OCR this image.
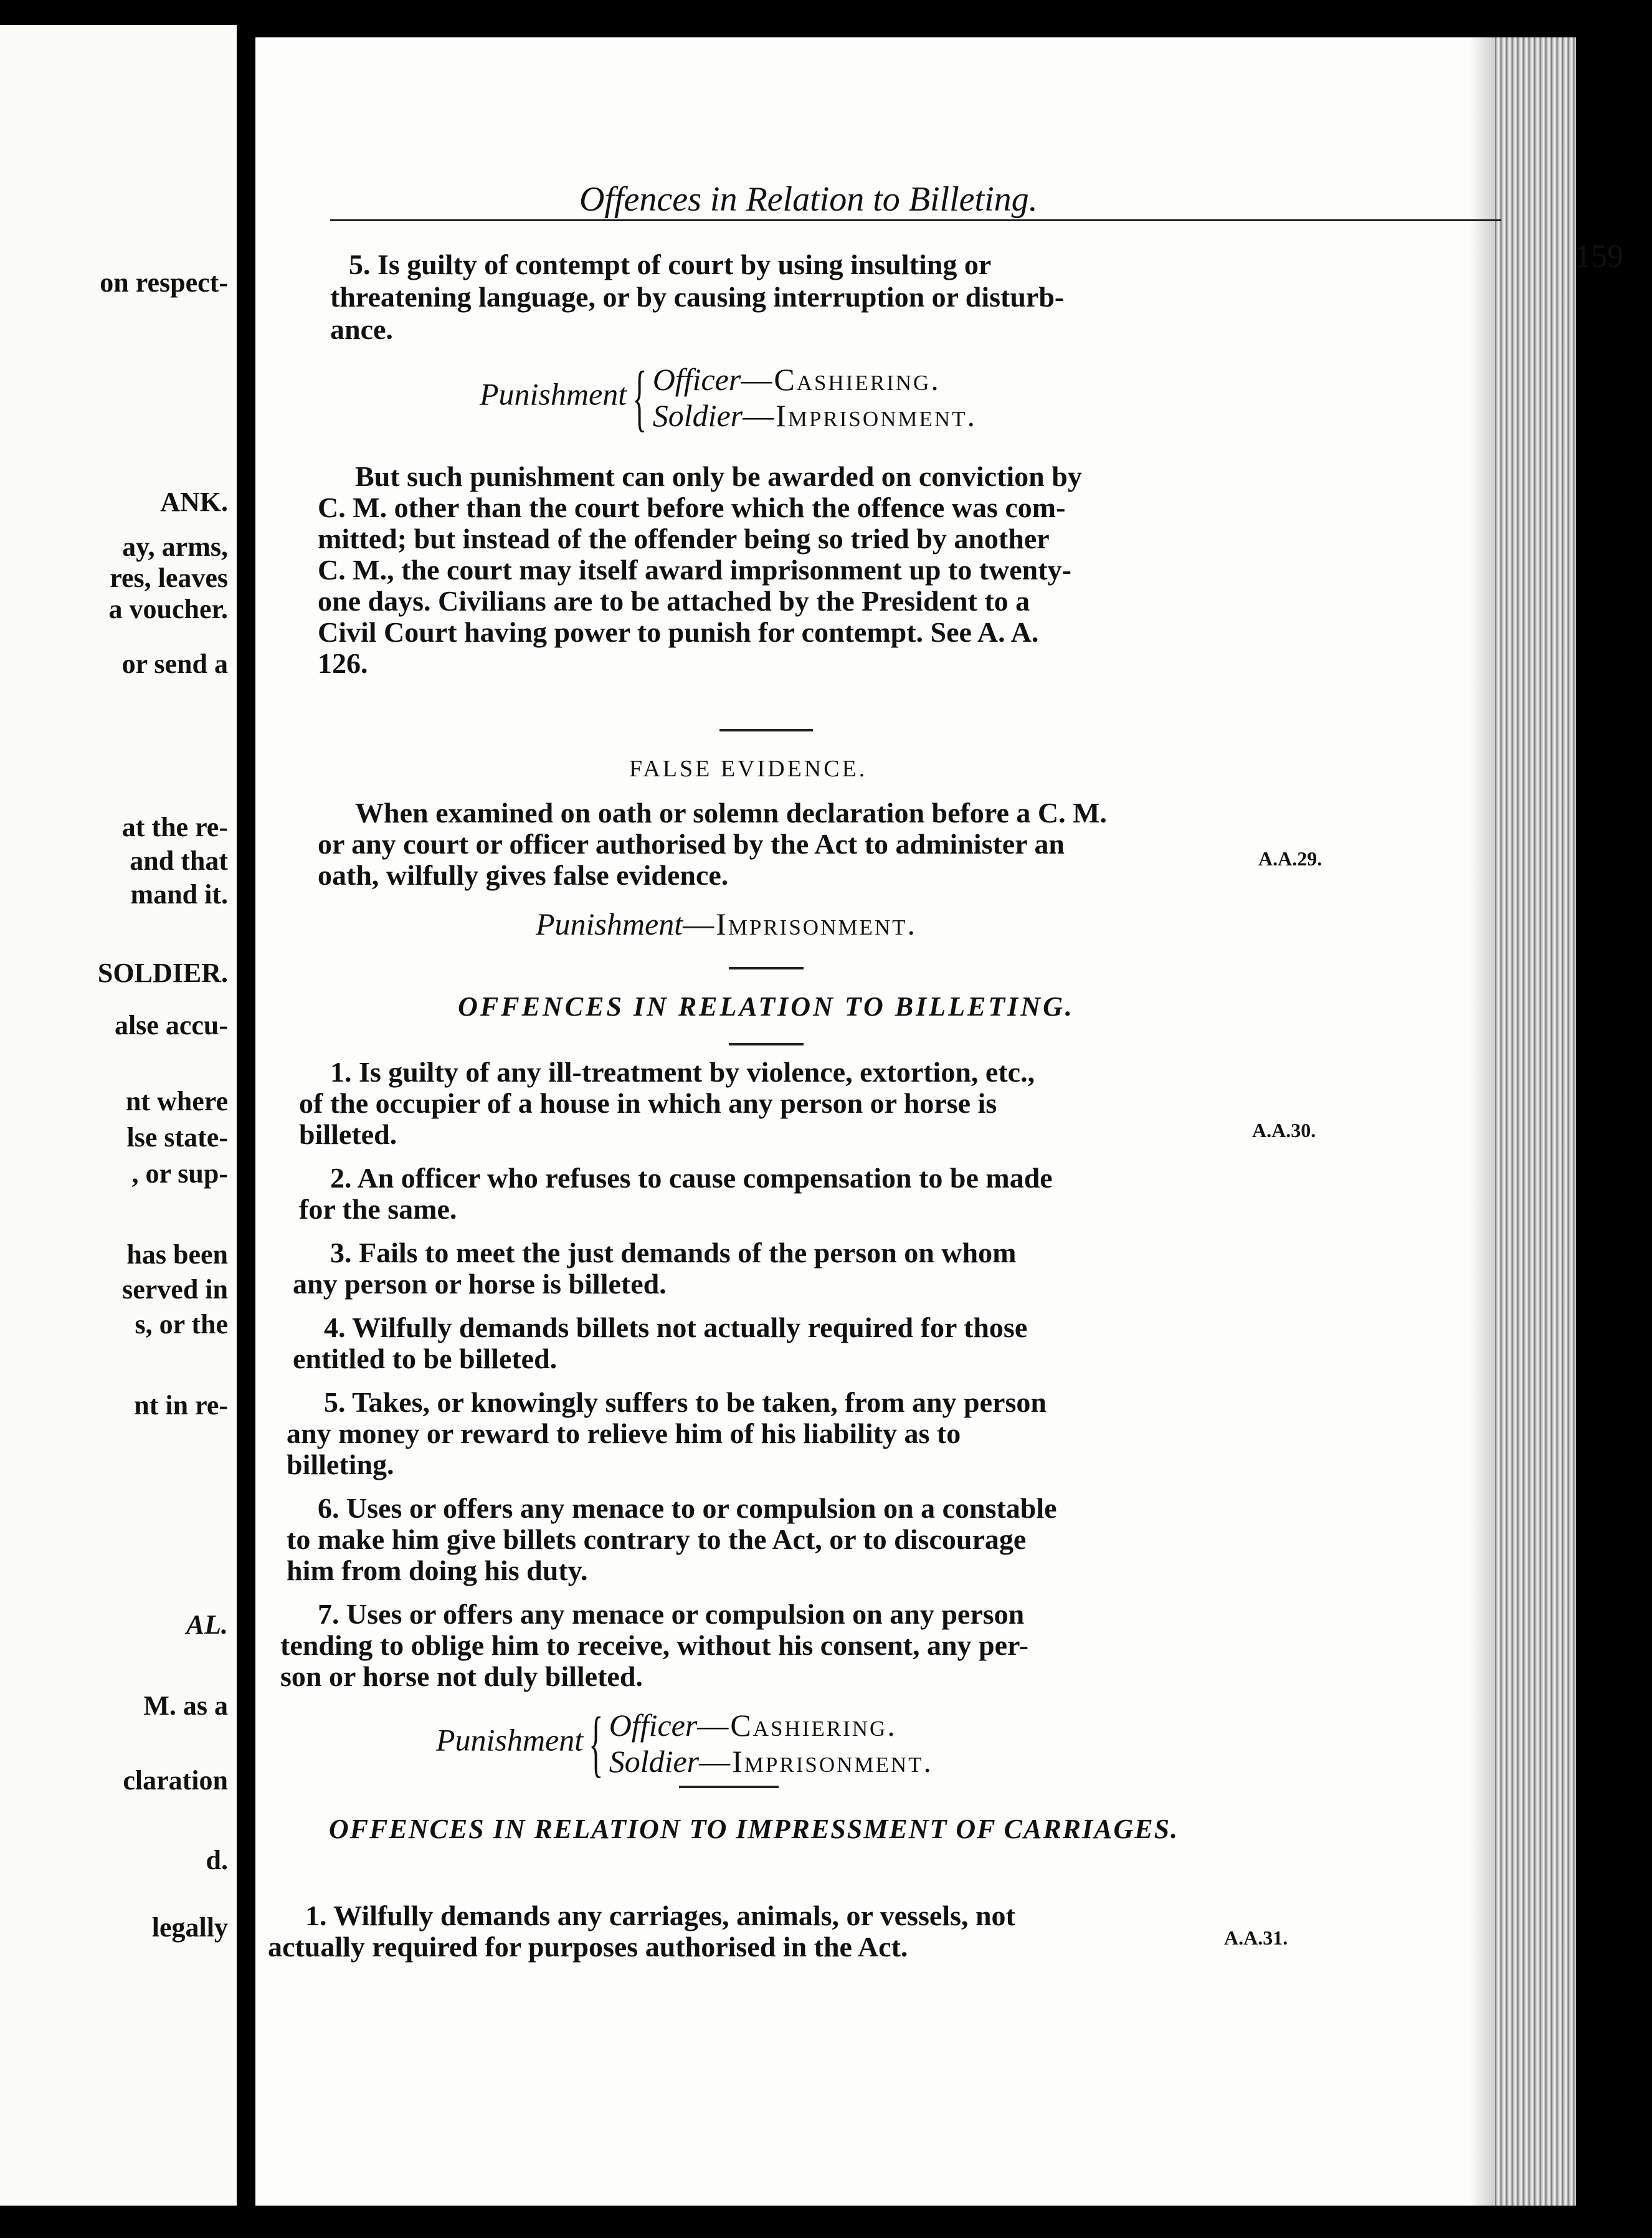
on respect-
ANK.
ay, arms,
res, leaves
a voucher.
or send a
at the re-
and that
mand it.
SOLDIER.
alse accu-
nt where
lse state-
, or sup-
has been
served in
s, or the
nt in re-
AL.
M. as a
claration
d.
legally
Offences in Relation to Billeting.
159
5. Is guilty of contempt of court by using insulting or
threatening language, or by causing interruption or disturb-
ance.
Punishment{ Officer—Cashiering.
Soldier—Imprisonment.
But such punishment can only be awarded on conviction by
C. M. other than the court before which the offence was com-
mitted; but instead of the offender being so tried by another
C. M., the court may itself award imprisonment up to twenty-
one days. Civilians are to be attached by the President to a
Civil Court having power to punish for contempt. See A. A.
126.
FALSE EVIDENCE.
When examined on oath or solemn declaration before a C. M.
or any court or officer authorised by the Act to administer an
oath, wilfully gives false evidence.
A.A.29.
Punishment—Imprisonment.
OFFENCES IN RELATION TO BILLETING.
1. Is guilty of any ill-treatment by violence, extortion, etc.,
of the occupier of a house in which any person or horse is
billeted.	A.A.30.
2. An officer who refuses to cause compensation to be made
for the same.
3. Fails to meet the just demands of the person on whom
any person or horse is billeted.
4. Wilfully demands billets not actually required for those
entitled to be billeted.
5. Takes, or knowingly suffers to be taken, from any person
any money or reward to relieve him of his liability as to
billeting.
6. Uses or offers any menace to or compulsion on a constable
to make him give billets contrary to the Act, or to discourage
him from doing his duty.
7. Uses or offers any menace or compulsion on any person
tending to oblige him to receive, without his consent, any per-
son or horse not duly billeted.
Punishment{ Officer—Cashiering.
Soldier—Imprisonment.
OFFENCES IN RELATION TO IMPRESSMENT OF CARRIAGES.
1. Wilfully demands any carriages, animals, or vessels, not
actually required for purposes authorised in the Act.	A.A.31.
